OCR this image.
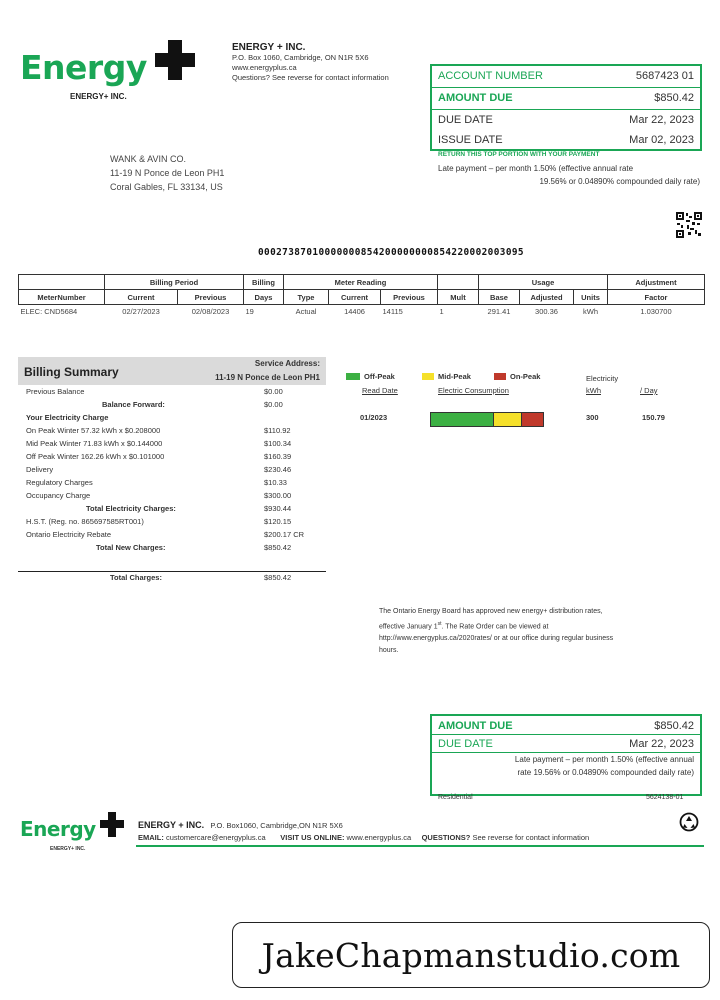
Energy
ENERGY+ INC.
ENERGY + INC.
P.O. Box 1060, Cambridge, ON N1R 5X6
www.energyplus.ca
Questions? See reverse for contact information	ACCOUNT NUMBER	5687423 01
AMOUNT DUE	$850.42
DUE DATE	Mar 22, 2023
ISSUE DATE	Mar 02, 2023
RETURN THIS TOP PORTION WITH YOUR PAYMENT
Late payment – per month 1.50% (effective annual rate
19.56% or 0.04890% compounded daily rate)
WANK & AVIN CO.
11-19 N Ponce de Leon PH1
Coral Gables, FL 33134, US
00027387010000000854200000000854220002003095
	Billing Period		Billing	Meter Reading				Usage			Adjustment
MeterNumber	Current	Previous	Days	Type	Current	Previous	Mult	Base	Adjusted	Units	Factor
ELEC: CND5684	02/27/2023	02/08/2023	19	Actual	14406	14115	1	291.41	300.36	kWh	1.030700
Billing Summary
Service Address:
11-19 N Ponce de Leon PH1
Previous Balance	$0.00
Balance Forward:	$0.00
Your Electricity Charge
On Peak Winter 57.32 kWh x $0.208000	$110.92
Mid Peak Winter 71.83 kWh x $0.144000	$100.34
Off Peak Winter 162.26 kWh x $0.101000	$160.39
Delivery	$230.46
Regulatory Charges	$10.33
Occupancy Charge	$300.00
Total Electricity Charges:	$930.44
H.S.T. (Reg. no. 865697585RT001)	$120.15
Ontario Electricity Rebate	$200.17 CR
Total New Charges:	$850.42
Total Charges:	$850.42
Off-Peak	Mid-Peak	On-Peak	Electricity
Read Date	Electric Consumption	kWh	/ Day
01/2023	300	150.79
The Ontario Energy Board has approved new energy+ distribution rates,
effective January 1st. The Rate Order can be viewed at
http://www.energyplus.ca/2020rates/ or at our office during regular business
hours.
AMOUNT DUE	$850.42
DUE DATE	Mar 22, 2023
Late payment – per month 1.50% (effective annual
rate 19.56% or 0.04890% compounded daily rate)
Residential	5624138-01
Energy
ENERGY+ INC.
ENERGY + INC. P.O. Box1060, Cambridge,ON N1R 5X6
EMAIL: customercare@energyplus.ca VISIT US ONLINE: www.energyplus.ca QUESTIONS? See reverse for contact information
JakeChapmanstudio.com
